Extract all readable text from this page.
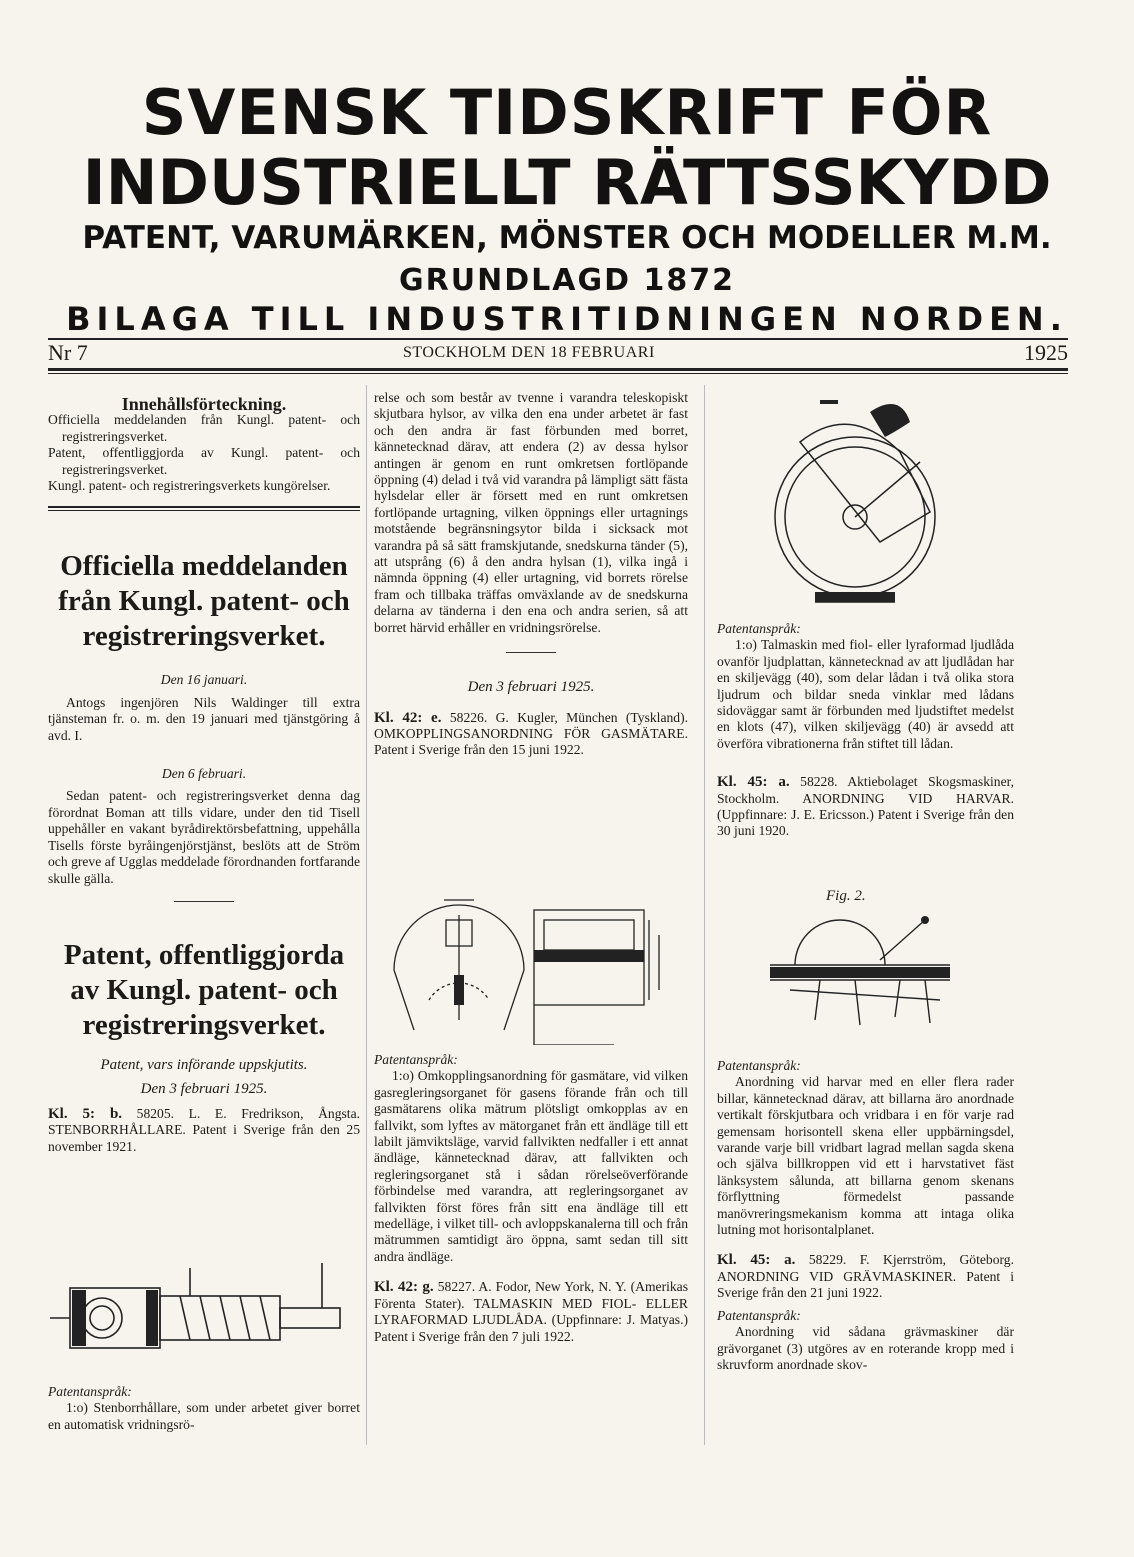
SVENSK TIDSKRIFT FÖR
INDUSTRIELLT RÄTTSSKYDD
PATENT, VARUMÄRKEN, MÖNSTER OCH MODELLER M.M.
GRUNDLAGD 1872
BILAGA TILL INDUSTRITIDNINGEN NORDEN.
Nr 7	STOCKHOLM DEN 18 FEBRUARI	1925

Innehållsförteckning.

Officiella meddelanden från Kungl. patent- och registreringsverket.

Patent, offentliggjorda av Kungl. patent- och registreringsverket.

Kungl. patent- och registreringsverkets kungörelser.

Officiella meddelanden från Kungl. patent- och registreringsverket.

Den 16 januari.

Antogs ingenjören Nils Waldinger till extra tjänsteman fr. o. m. den 19 januari med tjänstgöring å avd. I.

Den 6 februari.

Sedan patent- och registreringsverket denna dag förordnat Boman att tills vidare, under den tid Tisell uppehåller en vakant byrådirektörsbefattning, uppehålla Tisells förste byråingenjörstjänst, beslöts att de Ström och greve af Ugglas meddelade förordnanden fortfarande skulle gälla.

Patent, offentliggjorda av Kungl. patent- och registreringsverket.

Patent, vars införande uppskjutits.

Den 3 februari 1925.

Kl. 5: b. 58205. L. E. Fredrikson, Ångsta. STENBORRHÅLLARE. Patent i Sverige från den 25 november 1921.

Patentanspråk:

1:o) Stenborrhållare, som under arbetet giver borret en automatisk vridningsrö-

relse och som består av tvenne i varandra teleskopiskt skjutbara hylsor, av vilka den ena under arbetet är fast och den andra är fast förbunden med borret, kännetecknad därav, att endera (2) av dessa hylsor antingen är genom en runt omkretsen fortlöpande öppning (4) delad i två vid varandra på lämpligt sätt fästa hylsdelar eller är försett med en runt omkretsen fortlöpande urtagning, vilken öppnings eller urtagnings motstående begränsningsytor bilda i sicksack mot varandra på så sätt framskjutande, snedskurna tänder (5), att utsprång (6) å den andra hylsan (1), vilka ingå i nämnda öppning (4) eller urtagning, vid borrets rörelse fram och tillbaka träffas omväxlande av de snedskurna delarna av tänderna i den ena och andra serien, så att borret härvid erhåller en vridningsrörelse.

Den 3 februari 1925.

Kl. 42: e. 58226. G. Kugler, München (Tyskland). OMKOPPLINGSANORDNING FÖR GASMÄTARE. Patent i Sverige från den 15 juni 1922.

Patentanspråk:

1:o) Omkopplingsanordning för gasmätare, vid vilken gasregleringsorganet för gasens förande från och till gasmätarens olika mätrum plötsligt omkopplas av en fallvikt, som lyftes av mätorganet från ett ändläge till ett labilt jämviktsläge, varvid fallvikten nedfaller i ett annat ändläge, kännetecknad därav, att fallvikten och regleringsorganet stå i sådan rörelseöverförande förbindelse med varandra, att regleringsorganet av fallvikten först föres från sitt ena ändläge till ett medelläge, i vilket till- och avloppskanalerna till och från mätrummen samtidigt äro öppna, samt sedan till sitt andra ändläge.

Kl. 42: g. 58227. A. Fodor, New York, N. Y. (Amerikas Förenta Stater). TALMASKIN MED FIOL- ELLER LYRAFORMAD LJUDLÅDA. (Uppfinnare: J. Matyas.) Patent i Sverige från den 7 juli 1922.

Patentanspråk:

1:o) Talmaskin med fiol- eller lyraformad ljudlåda ovanför ljudplattan, kännetecknad av att ljudlådan har en skiljevägg (40), som delar lådan i två olika stora ljudrum och bildar sneda vinklar med lådans sidoväggar samt är förbunden med ljudstiftet medelst en klots (47), vilken skiljevägg (40) är avsedd att överföra vibrationerna från stiftet till lådan.

Kl. 45: a. 58228. Aktiebolaget Skogsmaskiner, Stockholm. ANORDNING VID HARVAR. (Uppfinnare: J. E. Ericsson.) Patent i Sverige från den 30 juni 1920.

Fig. 2.

Patentanspråk:

Anordning vid harvar med en eller flera rader billar, kännetecknad därav, att billarna äro anordnade vertikalt förskjutbara och vridbara i en för varje rad gemensam horisontell skena eller uppbärningsdel, varande varje bill vridbart lagrad mellan sagda skena och själva billkroppen vid ett i harvstativet fäst länksystem sålunda, att billarna genom skenans förflyttning förmedelst passande manövreringsmekanism komma att intaga olika lutning mot horisontalplanet.

Kl. 45: a. 58229. F. Kjerrström, Göteborg. ANORDNING VID GRÄVMASKINER. Patent i Sverige från den 21 juni 1922.

Patentanspråk:

Anordning vid sådana grävmaskiner där grävorganet (3) utgöres av en roterande kropp med i skruvform anordnade skov-
